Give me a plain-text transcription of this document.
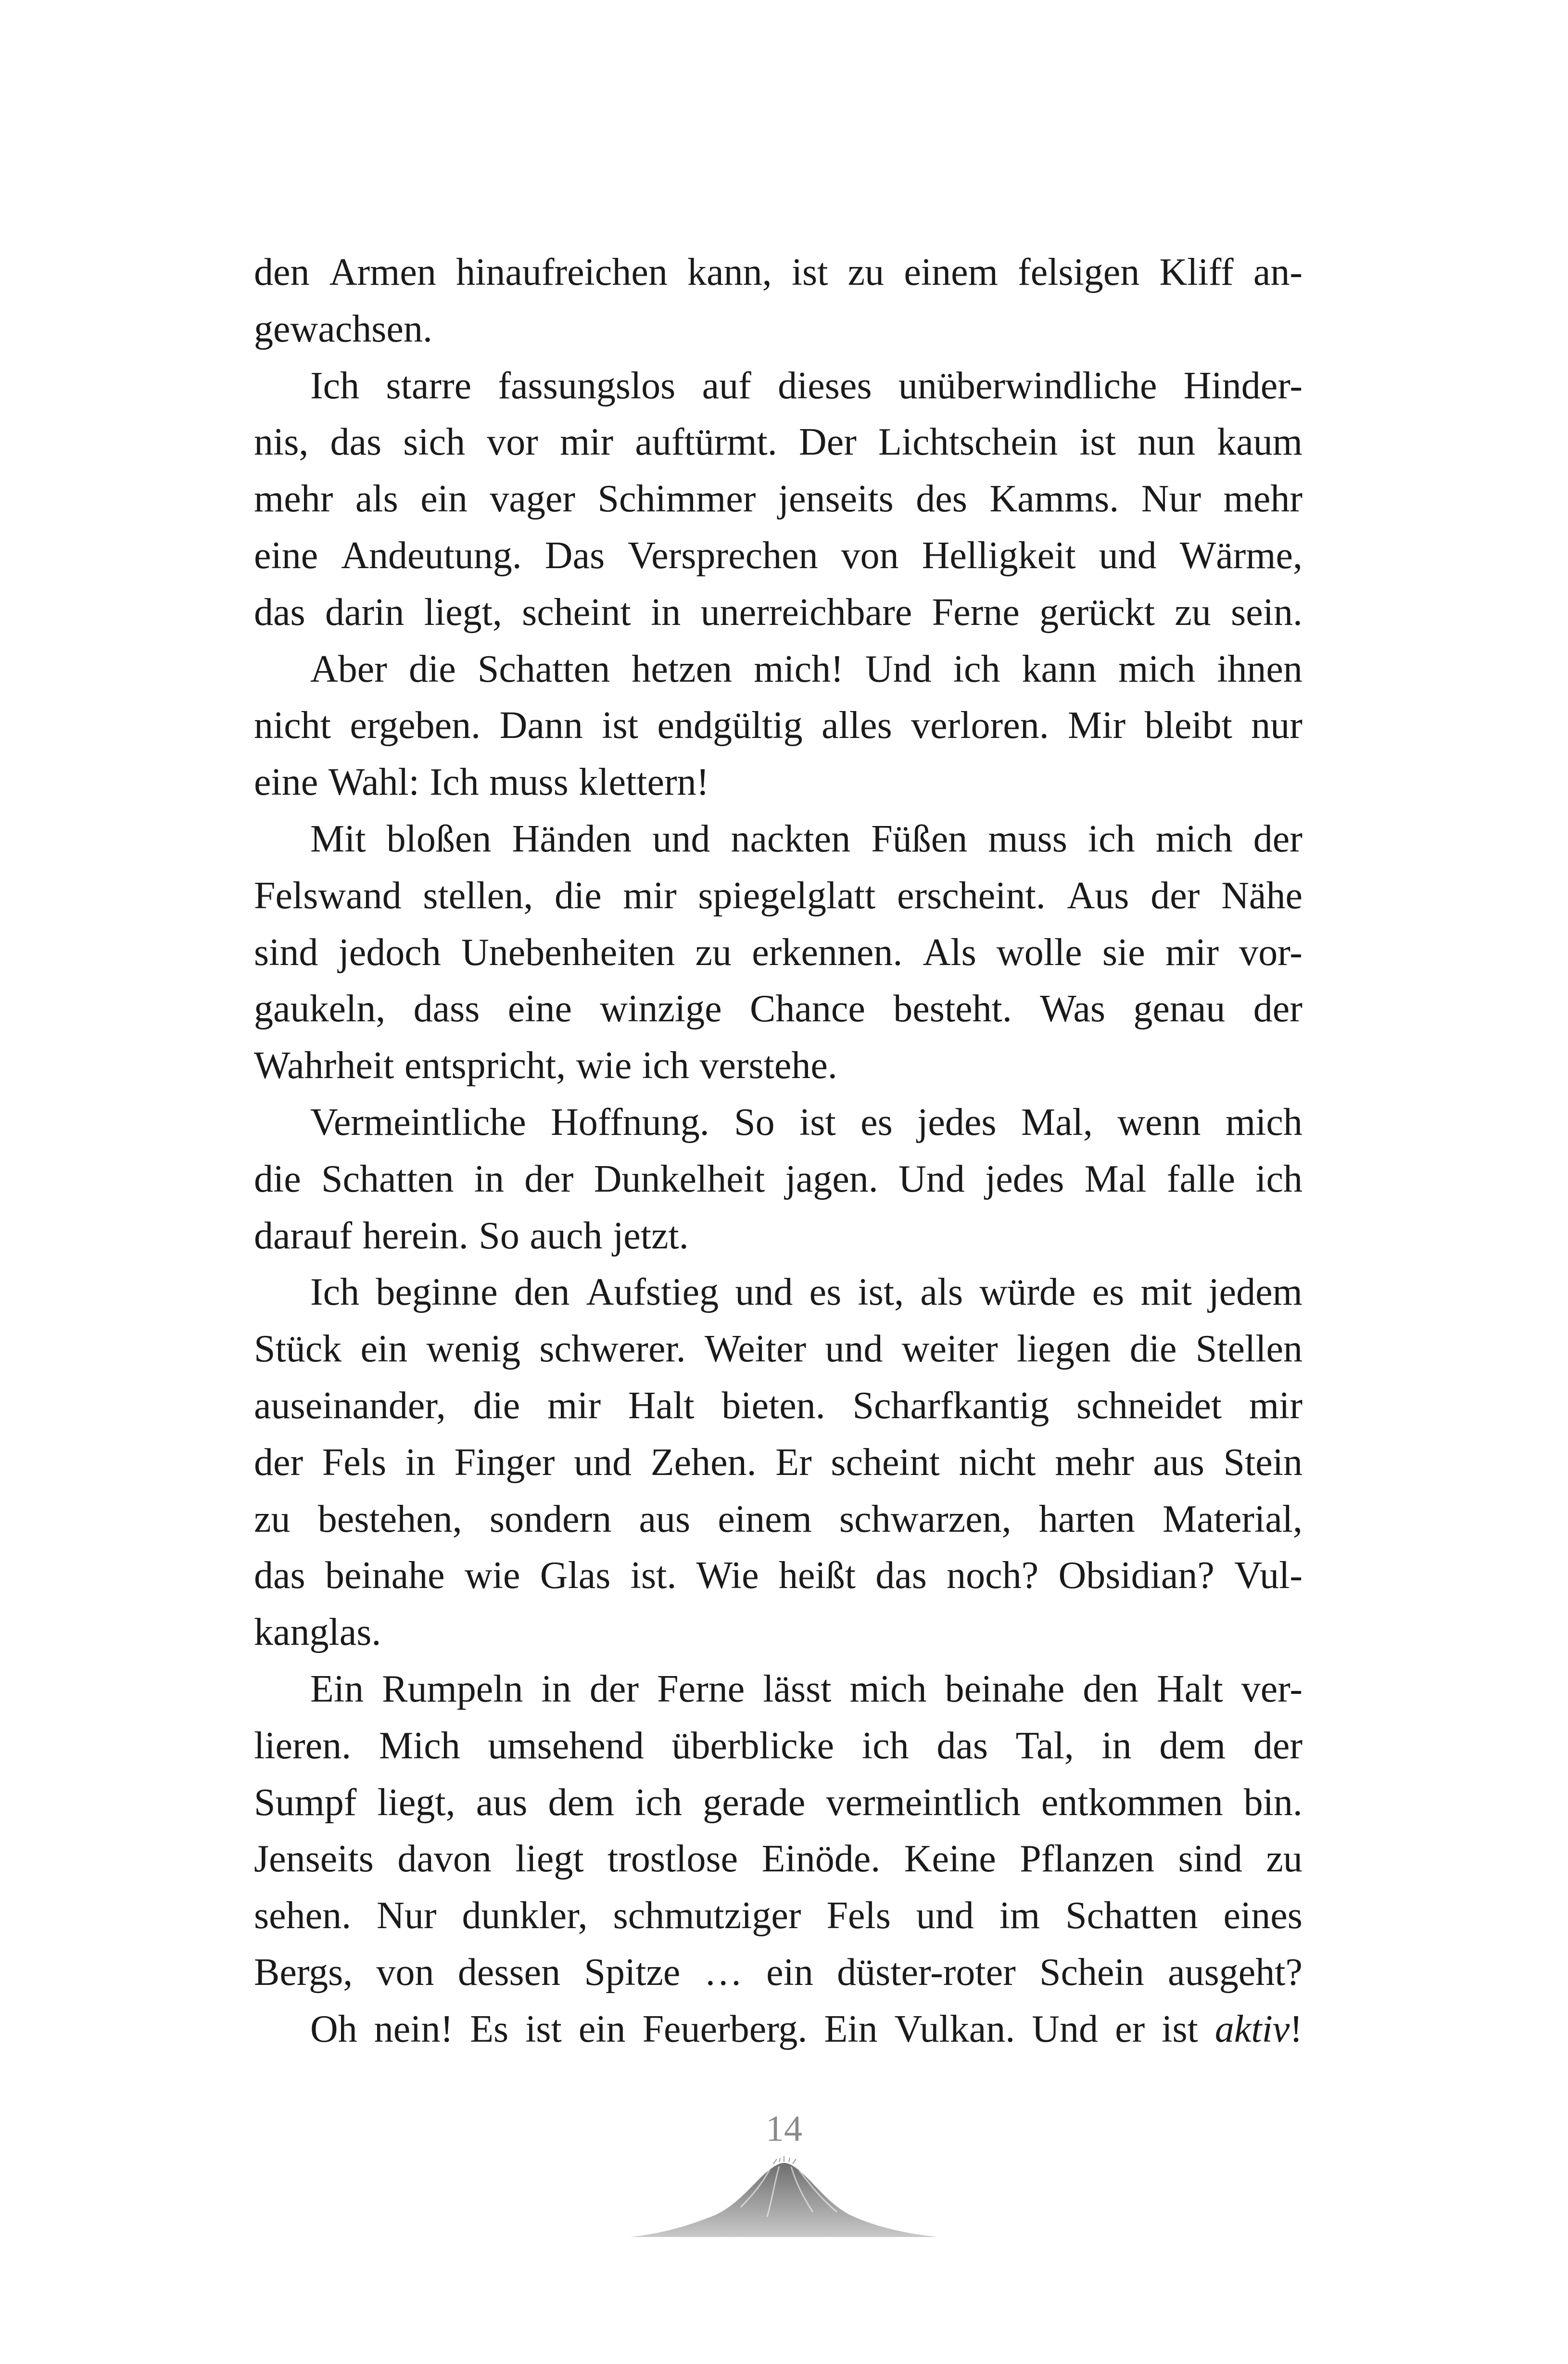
den Armen hinaufreichen kann, ist zu einem felsigen Kliff an-
gewachsen.
Ich starre fassungslos auf dieses unüberwindliche Hinder-
nis, das sich vor mir auftürmt. Der Lichtschein ist nun kaum
mehr als ein vager Schimmer jenseits des Kamms. Nur mehr
eine Andeutung. Das Versprechen von Helligkeit und Wärme,
das darin liegt, scheint in unerreichbare Ferne gerückt zu sein.
Aber die Schatten hetzen mich! Und ich kann mich ihnen
nicht ergeben. Dann ist endgültig alles verloren. Mir bleibt nur
eine Wahl: Ich muss klettern!
Mit bloßen Händen und nackten Füßen muss ich mich der
Felswand stellen, die mir spiegelglatt erscheint. Aus der Nähe
sind jedoch Unebenheiten zu erkennen. Als wolle sie mir vor-
gaukeln, dass eine winzige Chance besteht. Was genau der
Wahrheit entspricht, wie ich verstehe.
Vermeintliche Hoffnung. So ist es jedes Mal, wenn mich
die Schatten in der Dunkelheit jagen. Und jedes Mal falle ich
darauf herein. So auch jetzt.
Ich beginne den Aufstieg und es ist, als würde es mit jedem
Stück ein wenig schwerer. Weiter und weiter liegen die Stellen
auseinander, die mir Halt bieten. Scharfkantig schneidet mir
der Fels in Finger und Zehen. Er scheint nicht mehr aus Stein
zu bestehen, sondern aus einem schwarzen, harten Material,
das beinahe wie Glas ist. Wie heißt das noch? Obsidian? Vul-
kanglas.
Ein Rumpeln in der Ferne lässt mich beinahe den Halt ver-
lieren. Mich umsehend überblicke ich das Tal, in dem der
Sumpf liegt, aus dem ich gerade vermeintlich entkommen bin.
Jenseits davon liegt trostlose Einöde. Keine Pflanzen sind zu
sehen. Nur dunkler, schmutziger Fels und im Schatten eines
Bergs, von dessen Spitze … ein düster-roter Schein ausgeht?
Oh nein! Es ist ein Feuerberg. Ein Vulkan. Und er ist aktiv!
14
